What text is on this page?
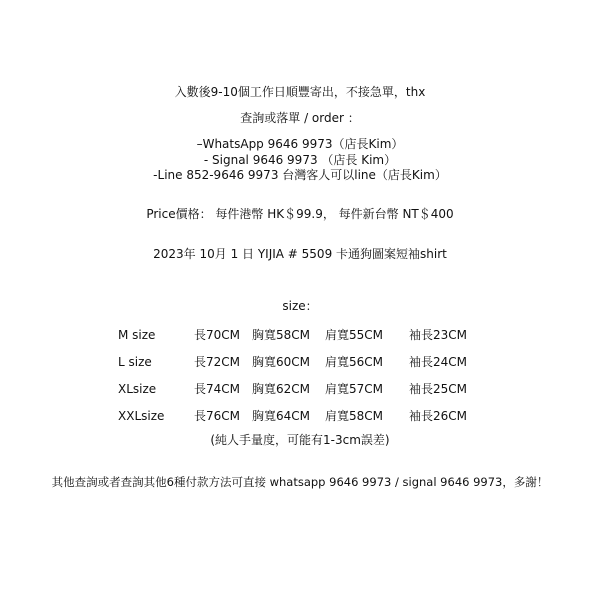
入數後9-10個工作日順豐寄出，不接急單，thx
查詢或落單 / order ：
–WhatsApp 9646 9973（店長Kim）
- Signal 9646 9973 （店長 Kim）
-Line 852-9646 9973 台灣客人可以line（店長Kim）
Price價格： 每件港幣 HK＄99.9， 每件新台幣 NT＄400
2023年 10月 1 日 YIJIA # 5509 卡通狗圖案短袖shirt
size：
M size	長70CM 胸寬58CM 肩寬55CM 袖長23CM
L size	長72CM 胸寬60CM 肩寬56CM 袖長24CM
XLsize	長74CM 胸寬62CM 肩寬57CM 袖長25CM
XXLsize 長76CM 胸寬64CM 肩寬58CM 袖長26CM
(純人手量度，可能有1-3cm誤差)
其他查詢或者查詢其他6種付款方法可直接 whatsapp 9646 9973 / signal 9646 9973，多謝！
